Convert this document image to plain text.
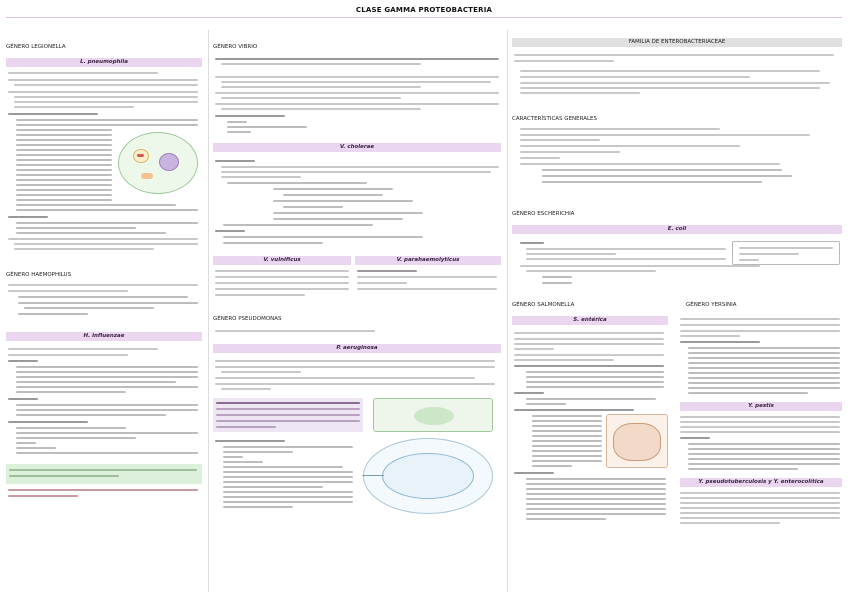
CLASE GAMMA PROTEOBACTERIA
GÉNERO LEGIONELLA
L. pneumophila
GÉNERO HAEMOPHILUS
H. influenzae
GÉNERO VIBRIO
V. cholerae
V. vulnificus	V. parahaemolyticus
GÉNERO PSEUDOMONAS
P. aeruginosa
FAMILIA DE ENTEROBACTERIACEAE
CARACTERÍSTICAS GENERALES
GÉNERO ESCHERICHIA
E. coli
GÉNERO SALMONELLA
S. entérica
GÉNERO YERSINIA
Y. pestis
Y. pseudotuberculosis y Y. enterocolítica
